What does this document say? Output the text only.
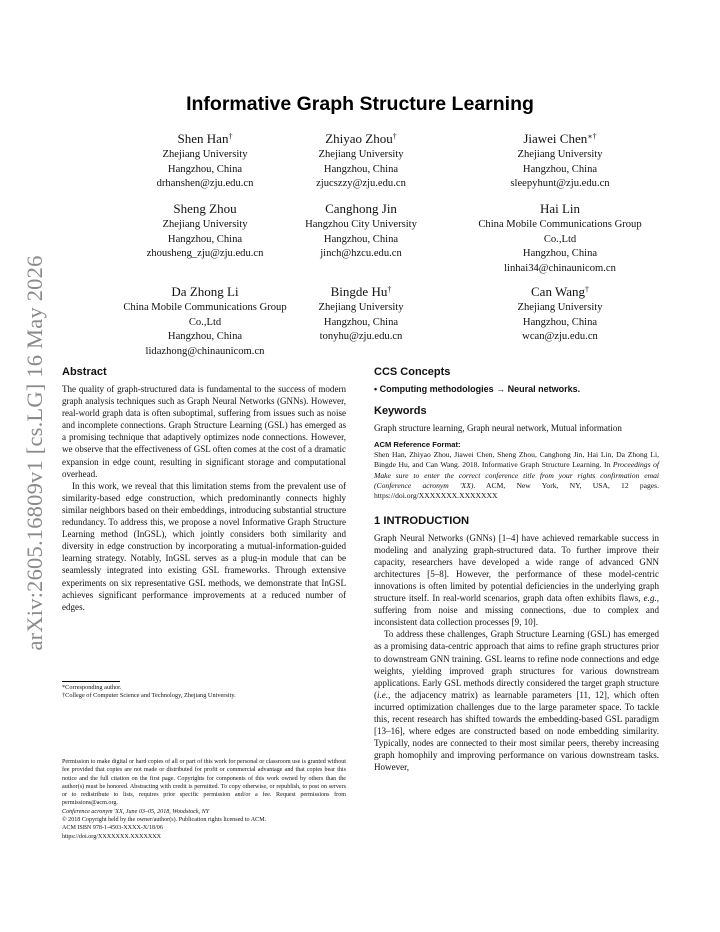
arXiv:2605.16809v1 [cs.LG] 16 May 2026
Informative Graph Structure Learning
Shen Han†
Zhejiang University
Hangzhou, China
drhanshen@zju.edu.cn
Zhiyao Zhou†
Zhejiang University
Hangzhou, China
zjucszzy@zju.edu.cn
Jiawei Chen∗†
Zhejiang University
Hangzhou, China
sleepyhunt@zju.edu.cn
Sheng Zhou
Zhejiang University
Hangzhou, China
zhousheng_zju@zju.edu.cn
Canghong Jin
Hangzhou City University
Hangzhou, China
jinch@hzcu.edu.cn
Hai Lin
China Mobile Communications Group
Co.,Ltd
Hangzhou, China
linhai34@chinaunicom.cn
Da Zhong Li
China Mobile Communications Group
Co.,Ltd
Hangzhou, China
lidazhong@chinaunicom.cn
Bingde Hu†
Zhejiang University
Hangzhou, China
tonyhu@zju.edu.cn
Can Wang†
Zhejiang University
Hangzhou, China
wcan@zju.edu.cn
Abstract

The quality of graph-structured data is fundamental to the success of modern graph analysis techniques such as Graph Neural Networks (GNNs). However, real-world graph data is often suboptimal, suffering from issues such as noise and incomplete connections. Graph Structure Learning (GSL) has emerged as a promising technique that adaptively optimizes node connections. However, we observe that the effectiveness of GSL often comes at the cost of a dramatic expansion in edge count, resulting in significant storage and computational overhead.

In this work, we reveal that this limitation stems from the prevalent use of similarity-based edge construction, which predominantly connects highly similar neighbors based on their embeddings, introducing substantial structure redundancy. To address this, we propose a novel Informative Graph Structure Learning method (InGSL), which jointly considers both similarity and diversity in edge construction by incorporating a mutual-information-guided learning strategy. Notably, InGSL serves as a plug-in module that can be seamlessly integrated into existing GSL frameworks. Through extensive experiments on six representative GSL methods, we demonstrate that InGSL achieves significant performance improvements at a reduced number of edges.

*Corresponding author.
†College of Computer Science and Technology, Zhejiang University.
Permission to make digital or hard copies of all or part of this work for personal or classroom use is granted without fee provided that copies are not made or distributed for profit or commercial advantage and that copies bear this notice and the full citation on the first page. Copyrights for components of this work owned by others than the author(s) must be honored. Abstracting with credit is permitted. To copy otherwise, or republish, to post on servers or to redistribute to lists, requires prior specific permission and/or a fee. Request permissions from permissions@acm.org.
Conference acronym 'XX, June 03–05, 2018, Woodstock, NY
© 2018 Copyright held by the owner/author(s). Publication rights licensed to ACM.
ACM ISBN 978-1-4503-XXXX-X/18/06
https://doi.org/XXXXXXX.XXXXXXX
CCS Concepts
• Computing methodologies → Neural networks.
Keywords

Graph structure learning, Graph neural network, Mutual information

ACM Reference Format:

Shen Han, Zhiyao Zhou, Jiawei Chen, Sheng Zhou, Canghong Jin, Hai Lin, Da Zhong Li, Bingde Hu, and Can Wang. 2018. Informative Graph Structure Learning. In Proceedings of Make sure to enter the correct conference title from your rights confirmation emai (Conference acronym 'XX). ACM, New York, NY, USA, 12 pages. https://doi.org/XXXXXXX.XXXXXXX

1 INTRODUCTION

Graph Neural Networks (GNNs) [1–4] have achieved remarkable success in modeling and analyzing graph-structured data. To further improve their capacity, researchers have developed a wide range of advanced GNN architectures [5–8]. However, the performance of these model-centric innovations is often limited by potential deficiencies in the underlying graph structure itself. In real-world scenarios, graph data often exhibits flaws, e.g., suffering from noise and missing connections, due to complex and inconsistent data collection processes [9, 10].

To address these challenges, Graph Structure Learning (GSL) has emerged as a promising data-centric approach that aims to refine graph structures prior to downstream GNN training. GSL learns to refine node connections and edge weights, yielding improved graph structures for various downstream applications. Early GSL methods directly considered the target graph structure (i.e., the adjacency matrix) as learnable parameters [11, 12], which often incurred optimization challenges due to the large parameter space. To tackle this, recent research has shifted towards the embedding-based GSL paradigm [13–16], where edges are constructed based on node embedding similarity. Typically, nodes are connected to their most similar peers, thereby increasing graph homophily and improving performance on various downstream tasks. However,
